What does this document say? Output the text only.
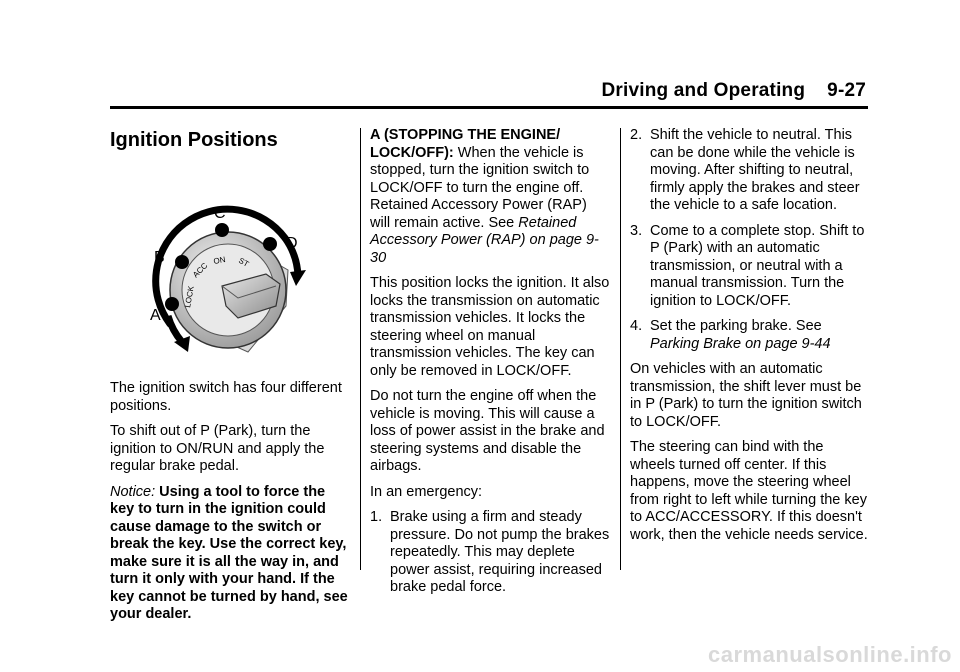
Driving and Operating 9-27
Ignition Positions
ON
ACC
LOCK
ST
A
B
C
D

The ignition switch has four different positions.

To shift out of P (Park), turn the ignition to ON/RUN and apply the regular brake pedal.

Notice: Using a tool to force the key to turn in the ignition could cause damage to the switch or break the key. Use the correct key, make sure it is all the way in, and turn it only with your hand. If the key cannot be turned by hand, see your dealer.

A (STOPPING THE ENGINE/ LOCK/OFF): When the vehicle is stopped, turn the ignition switch to LOCK/OFF to turn the engine off. Retained Accessory Power (RAP) will remain active. See Retained Accessory Power (RAP) on page 9-30

This position locks the ignition. It also locks the transmission on automatic transmission vehicles. It locks the steering wheel on manual transmission vehicles. The key can only be removed in LOCK/OFF.

Do not turn the engine off when the vehicle is moving. This will cause a loss of power assist in the brake and steering systems and disable the airbags.

In an emergency:

1. Brake using a firm and steady pressure. Do not pump the brakes repeatedly. This may deplete power assist, requiring increased brake pedal force.
2. Shift the vehicle to neutral. This can be done while the vehicle is moving. After shifting to neutral, firmly apply the brakes and steer the vehicle to a safe location.
3. Come to a complete stop. Shift to P (Park) with an automatic transmission, or neutral with a manual transmission. Turn the ignition to LOCK/OFF.
4. Set the parking brake. See
Parking Brake on page 9-44

On vehicles with an automatic transmission, the shift lever must be in P (Park) to turn the ignition switch to LOCK/OFF.

The steering can bind with the wheels turned off center. If this happens, move the steering wheel from right to left while turning the key to ACC/ACCESSORY. If this doesn't work, then the vehicle needs service.

carmanualsonline.info
